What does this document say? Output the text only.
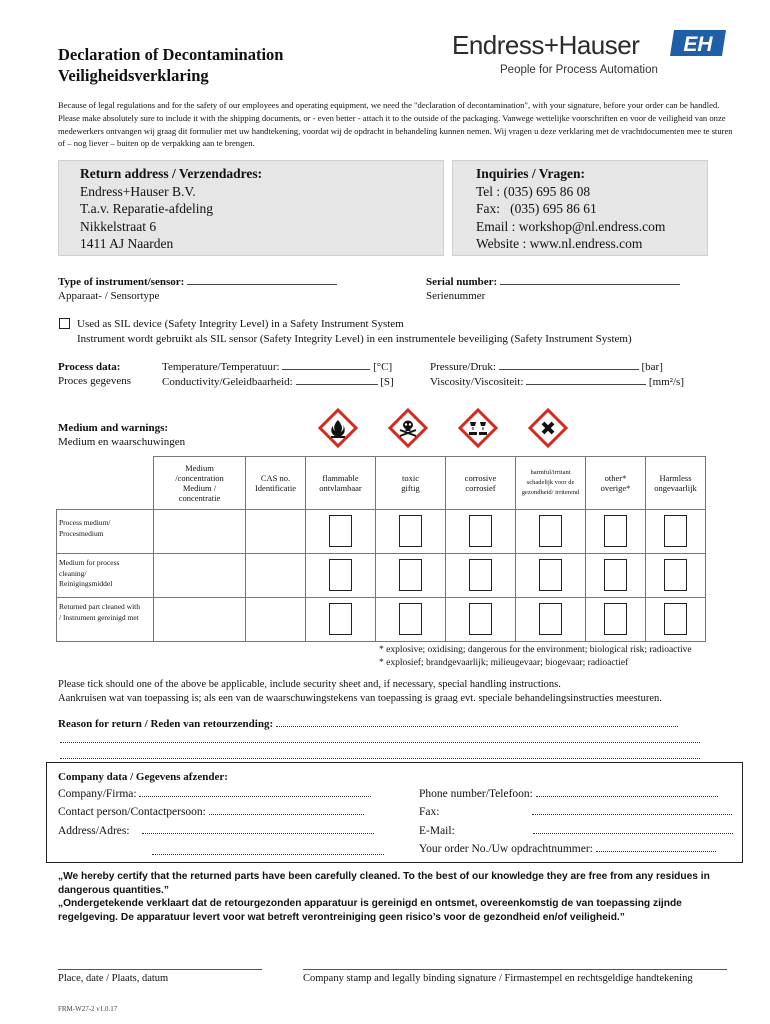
Declaration of Decontamination
Veiligheidsverklaring
Endress+Hauser EH
People for Process Automation
Because of legal regulations and for the safety of our employees and operating equipment, we need the "declaration of decontamination", with your signature, before your order can be handled. Please make absolutely sure to include it with the shipping documents, or - even better - attach it to the outside of the packaging. Vanwege wettelijke voorschriften en voor de veiligheid van onze medewerkers ontvangen wij graag dit formulier met uw handtekening, voordat wij de opdracht in behandeling kunnen nemen. Wij vragen u deze verklaring met de vrachtdocumenten mee te sturen of – nog liever – buiten op de verpakking aan te brengen.
Return address / Verzendadres:
Endress+Hauser B.V.
T.a.v. Reparatie-afdeling
Nikkelstraat 6
1411 AJ Naarden
Inquiries / Vragen:
Tel : (035) 695 86 08
Fax:   (035) 695 86 61
Email : workshop@nl.endress.com
Website : www.nl.endress.com
Type of instrument/sensor:
Apparaat- / Sensortype
Serial number:
Serienummer
Used as SIL device (Safety Integrity Level) in a Safety Instrument System
Instrument wordt gebruikt als SIL sensor (Safety Integrity Level) in een instrumentele beveiliging (Safety Instrument System)
Process data:
Proces gegevens
Temperature/Temperatuur:	[°C]
Conductivity/Geleidbaarheid:	[S]
Pressure/Druk:	[bar]
Viscosity/Viscositeit:	[mm²/s]
Medium and warnings:
Medium en waarschuwingen
	Medium /concentration Medium / concentratie	CAS no. Identificatie	flammable ontvlambaar	toxic giftig	corrosive corrosief	harmful/irritant schadelijk voor de gezondheid/ irriterend	other* overige*	Harmless ongevaarlijk
Process medium/ Procesmedium								
Medium for process cleaning/ Reinigingsmiddel								
Returned part cleaned with / Instrument gereinigd met								
* explosive; oxidising; dangerous for the environment; biological risk; radioactive
* explosief; brandgevaarlijk; milieugevaar; biogevaar; radioactief
Please tick should one of the above be applicable, include security sheet and, if necessary, special handling instructions.
Aankruisen wat van toepassing is; als een van de waarschuwingstekens van toepassing is graag evt. speciale behandelingsinstructies meesturen.
Reason for return / Reden van retourzending:
Company data / Gegevens afzender:
Company/Firma:
Contact person/Contactpersoon:
Address/Adres:
Phone number/Telefoon:
Fax:
E-Mail:
Your order No./Uw opdrachtnummer:
„We hereby certify that the returned parts have been carefully cleaned. To the best of our knowledge they are free from any residues in dangerous quantities.”
„Ondergetekende verklaart dat de retourgezonden apparatuur is gereinigd en ontsmet, overeenkomstig de van toepassing zijnde regelgeving. De apparatuur levert voor wat betreft verontreiniging geen risico’s voor de gezondheid en/of veiligheid.”
Place, date / Plaats, datum	Company stamp and legally binding signature / Firmastempel en rechtsgeldige handtekening
FRM-W27-2 v1.0.17
